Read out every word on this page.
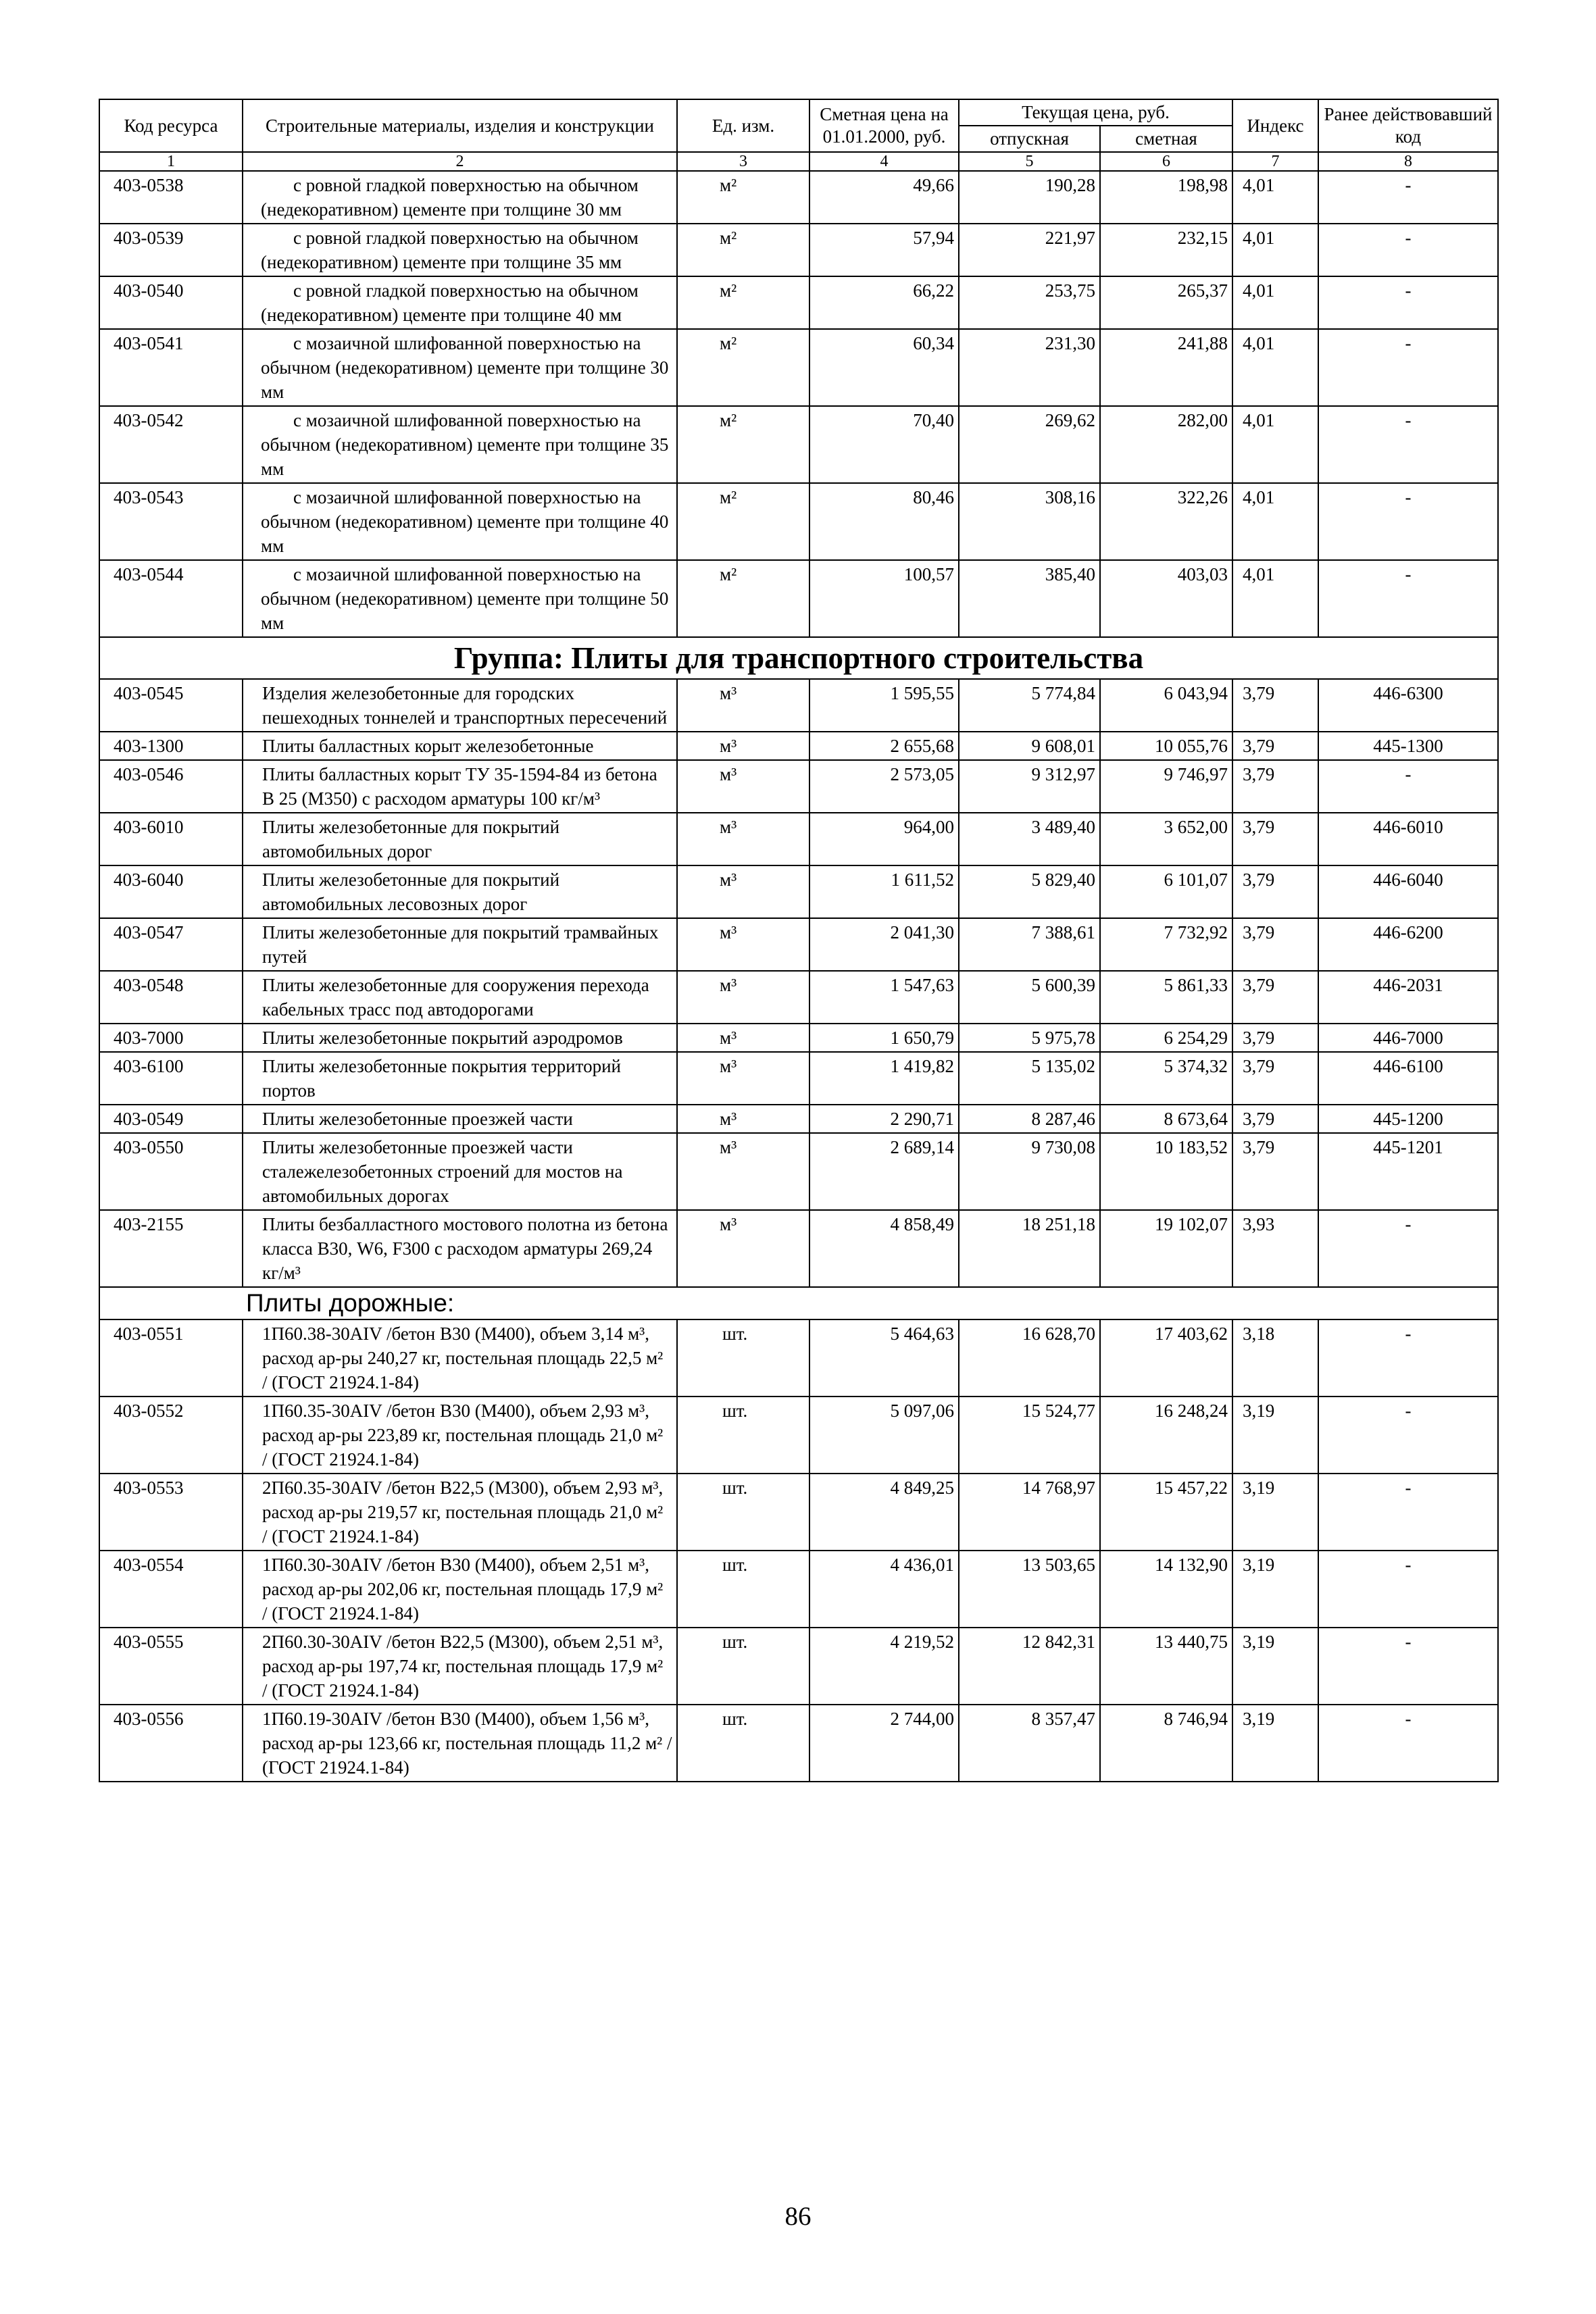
Код ресурса	Строительные материалы, изделия и конструкции	Ед. изм.	Сметная цена на 01.01.2000, руб.	Текущая цена, руб.		Индекс	Ранее действовавший код
				отпускная	сметная		
1	2	3	4	5	6	7	8
403-0538	с ровной гладкой поверхностью на обычном (недекоративном) цементе при толщине 30 мм	м²	49,66	190,28	198,98	4,01	-
403-0539	с ровной гладкой поверхностью на обычном (недекоративном) цементе при толщине 35 мм	м²	57,94	221,97	232,15	4,01	-
403-0540	с ровной гладкой поверхностью на обычном (недекоративном) цементе при толщине 40 мм	м²	66,22	253,75	265,37	4,01	-
403-0541	с мозаичной шлифованной поверхностью на обычном (недекоративном) цементе при толщине 30 мм	м²	60,34	231,30	241,88	4,01	-
403-0542	с мозаичной шлифованной поверхностью на обычном (недекоративном) цементе при толщине 35 мм	м²	70,40	269,62	282,00	4,01	-
403-0543	с мозаичной шлифованной поверхностью на обычном (недекоративном) цементе при толщине 40 мм	м²	80,46	308,16	322,26	4,01	-
403-0544	с мозаичной шлифованной поверхностью на обычном (недекоративном) цементе при толщине 50 мм	м²	100,57	385,40	403,03	4,01	-
Группа: Плиты для транспортного строительства							
403-0545	Изделия железобетонные для городских пешеходных тоннелей и транспортных пересечений	м³	1 595,55	5 774,84	6 043,94	3,79	446-6300
403-1300	Плиты балластных корыт железобетонные	м³	2 655,68	9 608,01	10 055,76	3,79	445-1300
403-0546	Плиты балластных корыт ТУ 35-1594-84 из бетона В 25 (М350) с расходом арматуры 100 кг/м³	м³	2 573,05	9 312,97	9 746,97	3,79	-
403-6010	Плиты железобетонные для покрытий автомобильных дорог	м³	964,00	3 489,40	3 652,00	3,79	446-6010
403-6040	Плиты железобетонные для покрытий автомобильных лесовозных дорог	м³	1 611,52	5 829,40	6 101,07	3,79	446-6040
403-0547	Плиты железобетонные для покрытий трамвайных путей	м³	2 041,30	7 388,61	7 732,92	3,79	446-6200
403-0548	Плиты железобетонные для сооружения перехода кабельных трасс под автодорогами	м³	1 547,63	5 600,39	5 861,33	3,79	446-2031
403-7000	Плиты железобетонные покрытий аэродромов	м³	1 650,79	5 975,78	6 254,29	3,79	446-7000
403-6100	Плиты железобетонные покрытия территорий портов	м³	1 419,82	5 135,02	5 374,32	3,79	446-6100
403-0549	Плиты железобетонные проезжей части	м³	2 290,71	8 287,46	8 673,64	3,79	445-1200
403-0550	Плиты железобетонные проезжей части сталежелезобетонных строений для мостов на автомобильных дорогах	м³	2 689,14	9 730,08	10 183,52	3,79	445-1201
403-2155	Плиты безбалластного мостового полотна из бетона класса В30, W6, F300 с расходом арматуры 269,24 кг/м³	м³	4 858,49	18 251,18	19 102,07	3,93	-
Плиты дорожные:							
403-0551	1П60.38-30AIV /бетон В30 (М400), объем 3,14 м³, расход ар-ры 240,27 кг, постельная площадь 22,5 м² / (ГОСТ 21924.1-84)	шт.	5 464,63	16 628,70	17 403,62	3,18	-
403-0552	1П60.35-30AIV /бетон В30 (М400), объем 2,93 м³, расход ар-ры 223,89 кг, постельная площадь 21,0 м² / (ГОСТ 21924.1-84)	шт.	5 097,06	15 524,77	16 248,24	3,19	-
403-0553	2П60.35-30AIV /бетон В22,5 (М300), объем 2,93 м³, расход ар-ры 219,57 кг, постельная площадь 21,0 м² / (ГОСТ 21924.1-84)	шт.	4 849,25	14 768,97	15 457,22	3,19	-
403-0554	1П60.30-30AIV /бетон В30 (М400), объем 2,51 м³, расход ар-ры 202,06 кг, постельная площадь 17,9 м² / (ГОСТ 21924.1-84)	шт.	4 436,01	13 503,65	14 132,90	3,19	-
403-0555	2П60.30-30AIV /бетон В22,5 (М300), объем 2,51 м³, расход ар-ры 197,74 кг, постельная площадь 17,9 м² / (ГОСТ 21924.1-84)	шт.	4 219,52	12 842,31	13 440,75	3,19	-
403-0556	1П60.19-30AIV /бетон В30 (М400), объем 1,56 м³, расход ар-ры 123,66 кг, постельная площадь 11,2 м² / (ГОСТ 21924.1-84)	шт.	2 744,00	8 357,47	8 746,94	3,19	-
86
